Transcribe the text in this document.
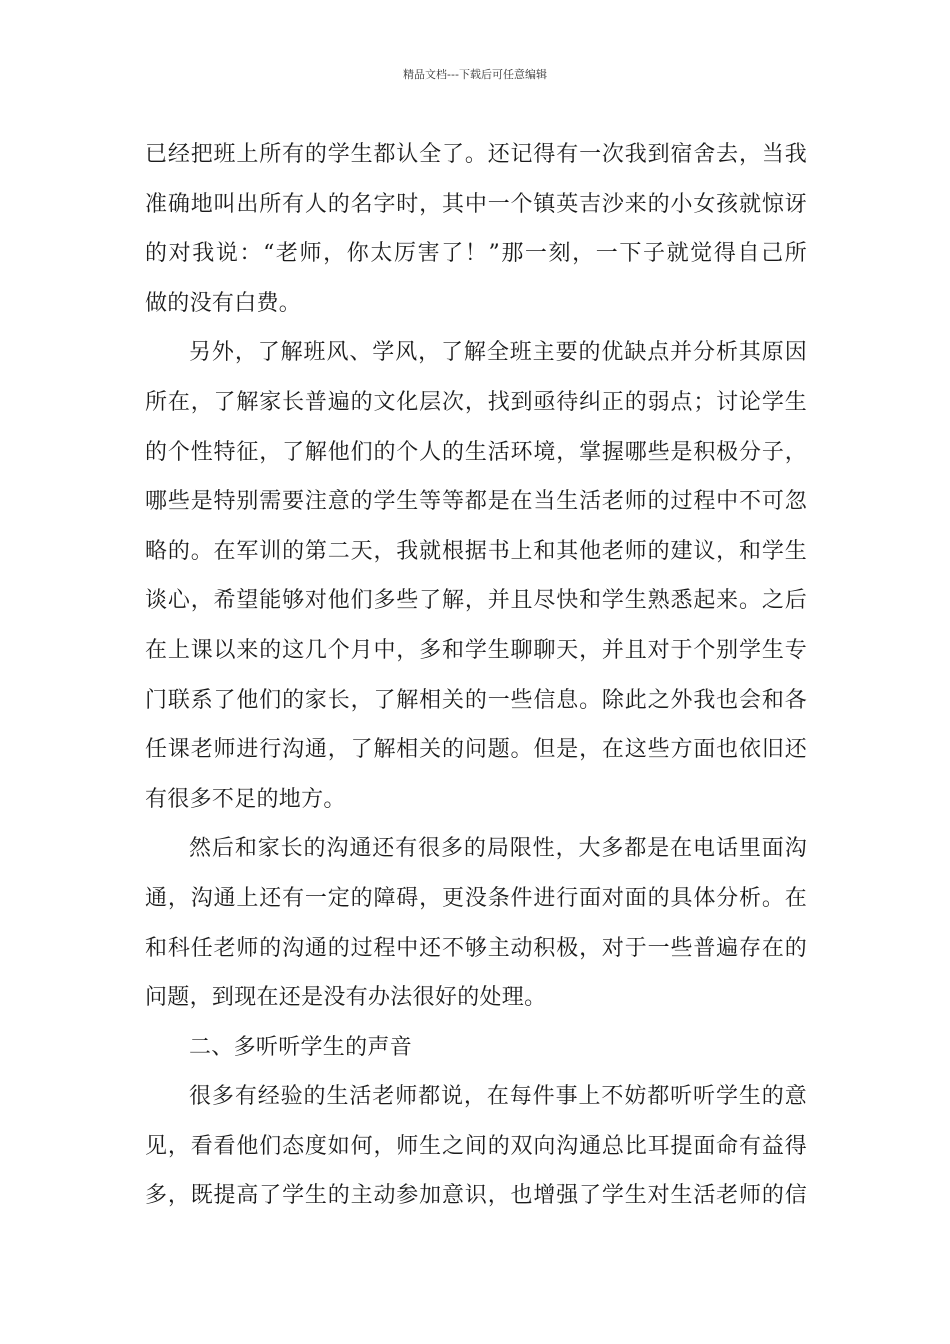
精品文档---下载后可任意编辑
已经把班上所有的学生都认全了。还记得有一次我到宿舍去，当我
准确地叫出所有人的名字时，其中一个镇英吉沙来的小女孩就惊讶
的对我说：“老师，你太厉害了！”那一刻，一下子就觉得自己所
做的没有白费。
另外，了解班风、学风，了解全班主要的优缺点并分析其原因
所在，了解家长普遍的文化层次，找到亟待纠正的弱点；讨论学生
的个性特征，了解他们的个人的生活环境，掌握哪些是积极分子，
哪些是特别需要注意的学生等等都是在当生活老师的过程中不可忽
略的。在军训的第二天，我就根据书上和其他老师的建议，和学生
谈心，希望能够对他们多些了解，并且尽快和学生熟悉起来。之后
在上课以来的这几个月中，多和学生聊聊天，并且对于个别学生专
门联系了他们的家长，了解相关的一些信息。除此之外我也会和各
任课老师进行沟通，了解相关的问题。但是，在这些方面也依旧还
有很多不足的地方。
然后和家长的沟通还有很多的局限性，大多都是在电话里面沟
通，沟通上还有一定的障碍，更没条件进行面对面的具体分析。在
和科任老师的沟通的过程中还不够主动积极，对于一些普遍存在的
问题，到现在还是没有办法很好的处理。
二、多听听学生的声音
很多有经验的生活老师都说，在每件事上不妨都听听学生的意
见，看看他们态度如何，师生之间的双向沟通总比耳提面命有益得
多，既提高了学生的主动参加意识，也增强了学生对生活老师的信
